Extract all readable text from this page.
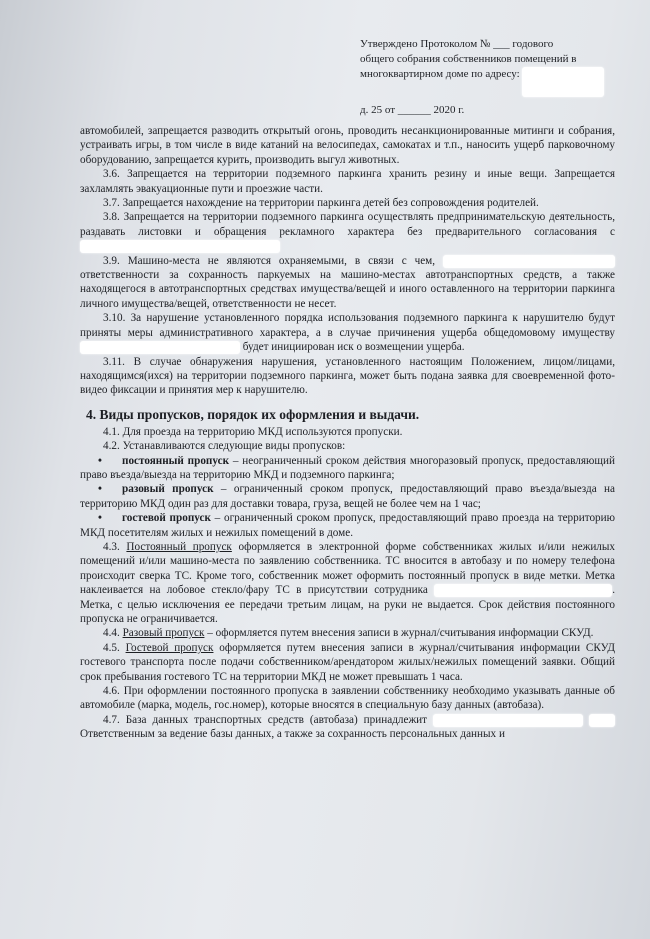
Утверждено Протоколом № ___ годового
общего собрания собственников помещений в
многоквартирном доме по адресу:
д. 25 от ______ 2020 г.

автомобилей, запрещается разводить открытый огонь, проводить несанкционированные митинги и собрания, устраивать игры, в том числе в виде катаний на велосипедах, самокатах и т.п., наносить ущерб парковочному оборудованию, запрещается курить, производить выгул животных.

3.6. Запрещается на территории подземного паркинга хранить резину и иные вещи. Запрещается захламлять эвакуационные пути и проезжие части.

3.7. Запрещается нахождение на территории паркинга детей без сопровождения родителей.

3.8. Запрещается на территории подземного паркинга осуществлять предпринимательскую деятельность, раздавать листовки и обращения рекламного характера без предварительного согласования с

3.9. Машино-места не являются охраняемыми, в связи с чем,  ответственности за сохранность паркуемых на машино-местах автотранспортных средств, а также находящегося в автотранспортных средствах имущества/вещей и иного оставленного на территории паркинга личного имущества/вещей, ответственности не несет.

3.10. За нарушение установленного порядка использования подземного паркинга к нарушителю будут приняты меры административного характера, а в случае причинения ущерба общедомовому имуществу  будет инициирован иск о возмещении ущерба.

3.11. В случае обнаружения нарушения, установленного настоящим Положением, лицом/лицами, находящимся(ихся) на территории подземного паркинга, может быть подана заявка для своевременной фото-видео фиксации и принятия мер к нарушителю.

4. Виды пропусков, порядок их оформления и выдачи.

4.1. Для проезда на территорию МКД используются пропуски.

4.2. Устанавливаются следующие виды пропусков:

• постоянный пропуск – неограниченный сроком действия многоразовый пропуск, предоставляющий право въезда/выезда на территорию МКД и подземного паркинга;

• разовый пропуск – ограниченный сроком пропуск, предоставляющий право въезда/выезда на территорию МКД один раз для доставки товара, груза, вещей не более чем на 1 час;

• гостевой пропуск – ограниченный сроком пропуск, предоставляющий право проезда на территорию МКД посетителям жилых и нежилых помещений в доме.

4.3. Постоянный пропуск оформляется в электронной форме собственниках жилых и/или нежилых помещений и/или машино-места по заявлению собственника. ТС вносится в автобазу и по номеру телефона происходит сверка ТС. Кроме того, собственник может оформить постоянный пропуск в виде метки. Метка наклеивается на лобовое стекло/фару ТС в присутствии сотрудника	. Метка, с целью исключения ее передачи третьим лицам, на руки не выдается. Срок действия постоянного пропуска не ограничивается.

4.4. Разовый пропуск – оформляется путем внесения записи в журнал/считывания информации СКУД.

4.5. Гостевой пропуск оформляется путем внесения записи в журнал/считывания информации СКУД гостевого транспорта после подачи собственником/арендатором жилых/нежилых помещений заявки. Общий срок пребывания гостевого ТС на территории МКД не может превышать 1 часа.

4.6. При оформлении постоянного пропуска в заявлении собственнику необходимо указывать данные об автомобиле (марка, модель, гос.номер), которые вносятся в специальную базу данных (автобаза).

4.7. База данных транспортных средств (автобаза) принадлежит   Ответственным за ведение базы данных, а также за сохранность персональных данных и
